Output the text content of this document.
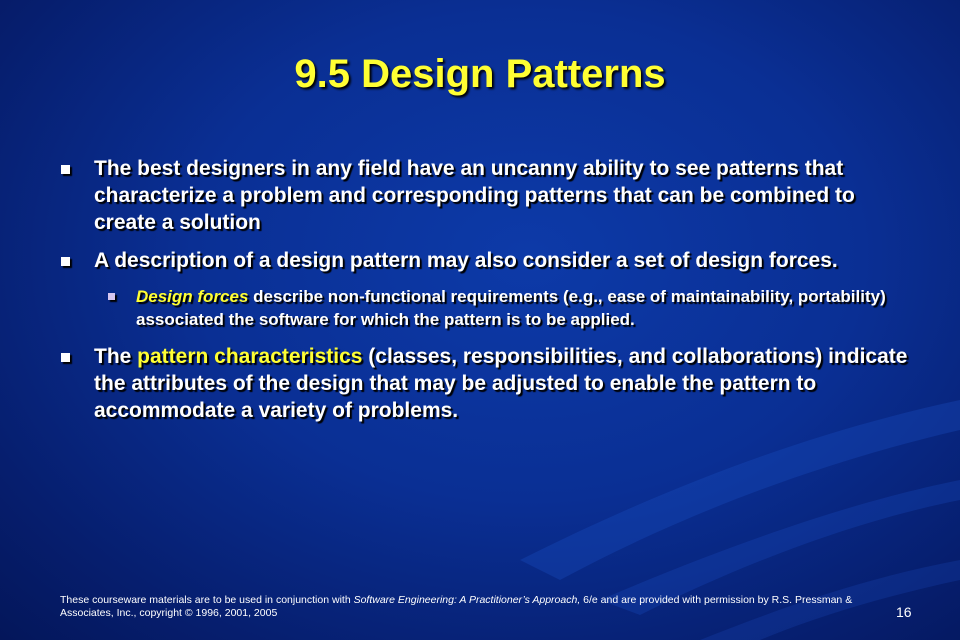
9.5 Design Patterns
The best designers in any field have an uncanny ability to see patterns that characterize a problem and corresponding patterns that can be combined to create a solution
A description of a design pattern may also consider a set of design forces.
Design forces describe non-functional requirements (e.g., ease of maintainability, portability) associated the software for which the pattern is to be applied.
The pattern characteristics (classes, responsibilities, and collaborations) indicate the attributes of the design that may be adjusted to enable the pattern to accommodate a variety of problems.
These courseware materials are to be used in conjunction with Software Engineering: A Practitioner’s Approach, 6/e and are provided with permission by R.S. Pressman & Associates, Inc., copyright © 1996, 2001, 2005	16
